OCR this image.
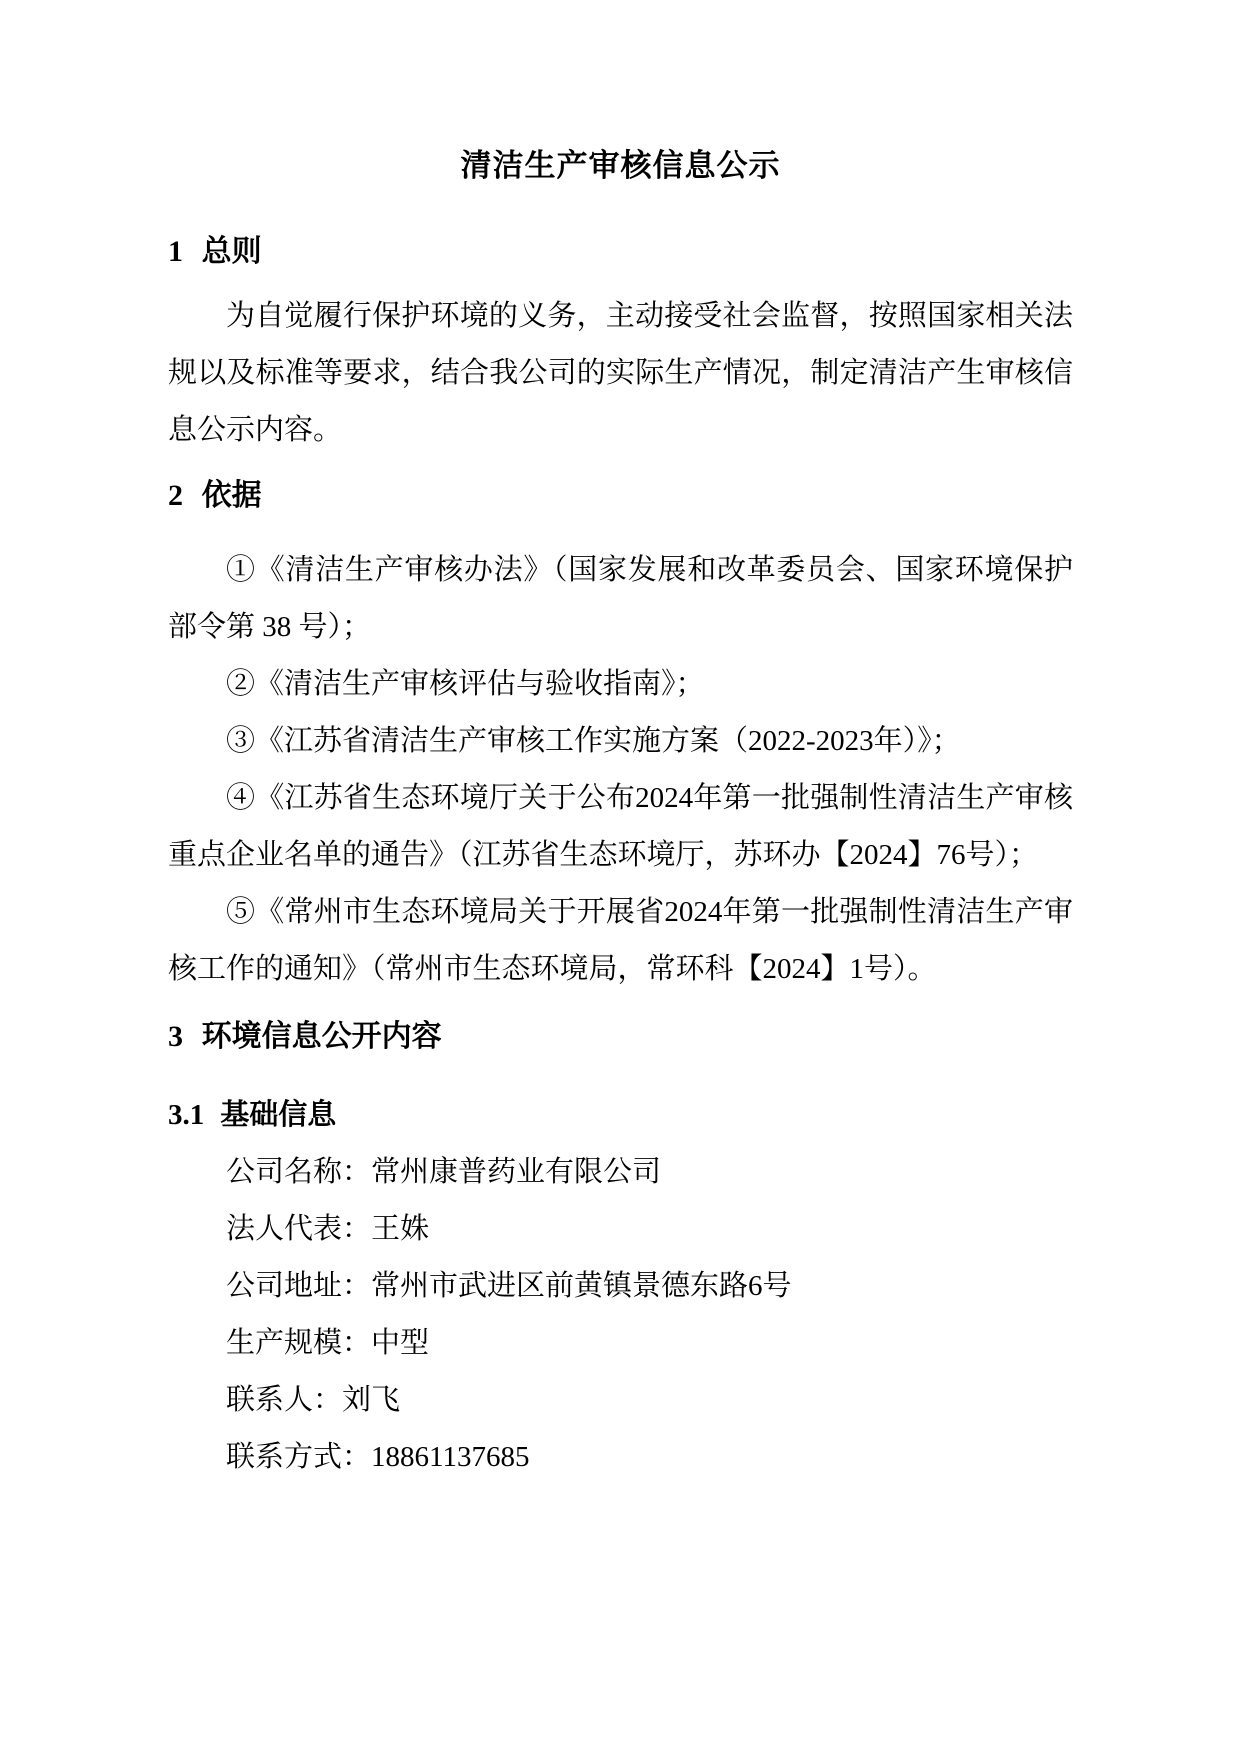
清洁生产审核信息公示
1 总则

为自觉履行保护环境的义务，主动接受社会监督，按照国家相关法规以及标准等要求，结合我公司的实际生产情况，制定清洁产生审核信息公示内容。

2 依据

①《清洁生产审核办法》（国家发展和改革委员会、国家环境保护部令第 38 号）；

②《清洁生产审核评估与验收指南》；

③《江苏省清洁生产审核工作实施方案（2022-2023年）》；

④《江苏省生态环境厅关于公布2024年第一批强制性清洁生产审核重点企业名单的通告》（江苏省生态环境厅，苏环办【2024】76号）；

⑤《常州市生态环境局关于开展省2024年第一批强制性清洁生产审核工作的通知》（常州市生态环境局，常环科【2024】1号）。

3 环境信息公开内容
3.1 基础信息
公司名称：常州康普药业有限公司
法人代表：王姝
公司地址：常州市武进区前黄镇景德东路6号
生产规模：中型
联系人：刘飞
联系方式：18861137685
